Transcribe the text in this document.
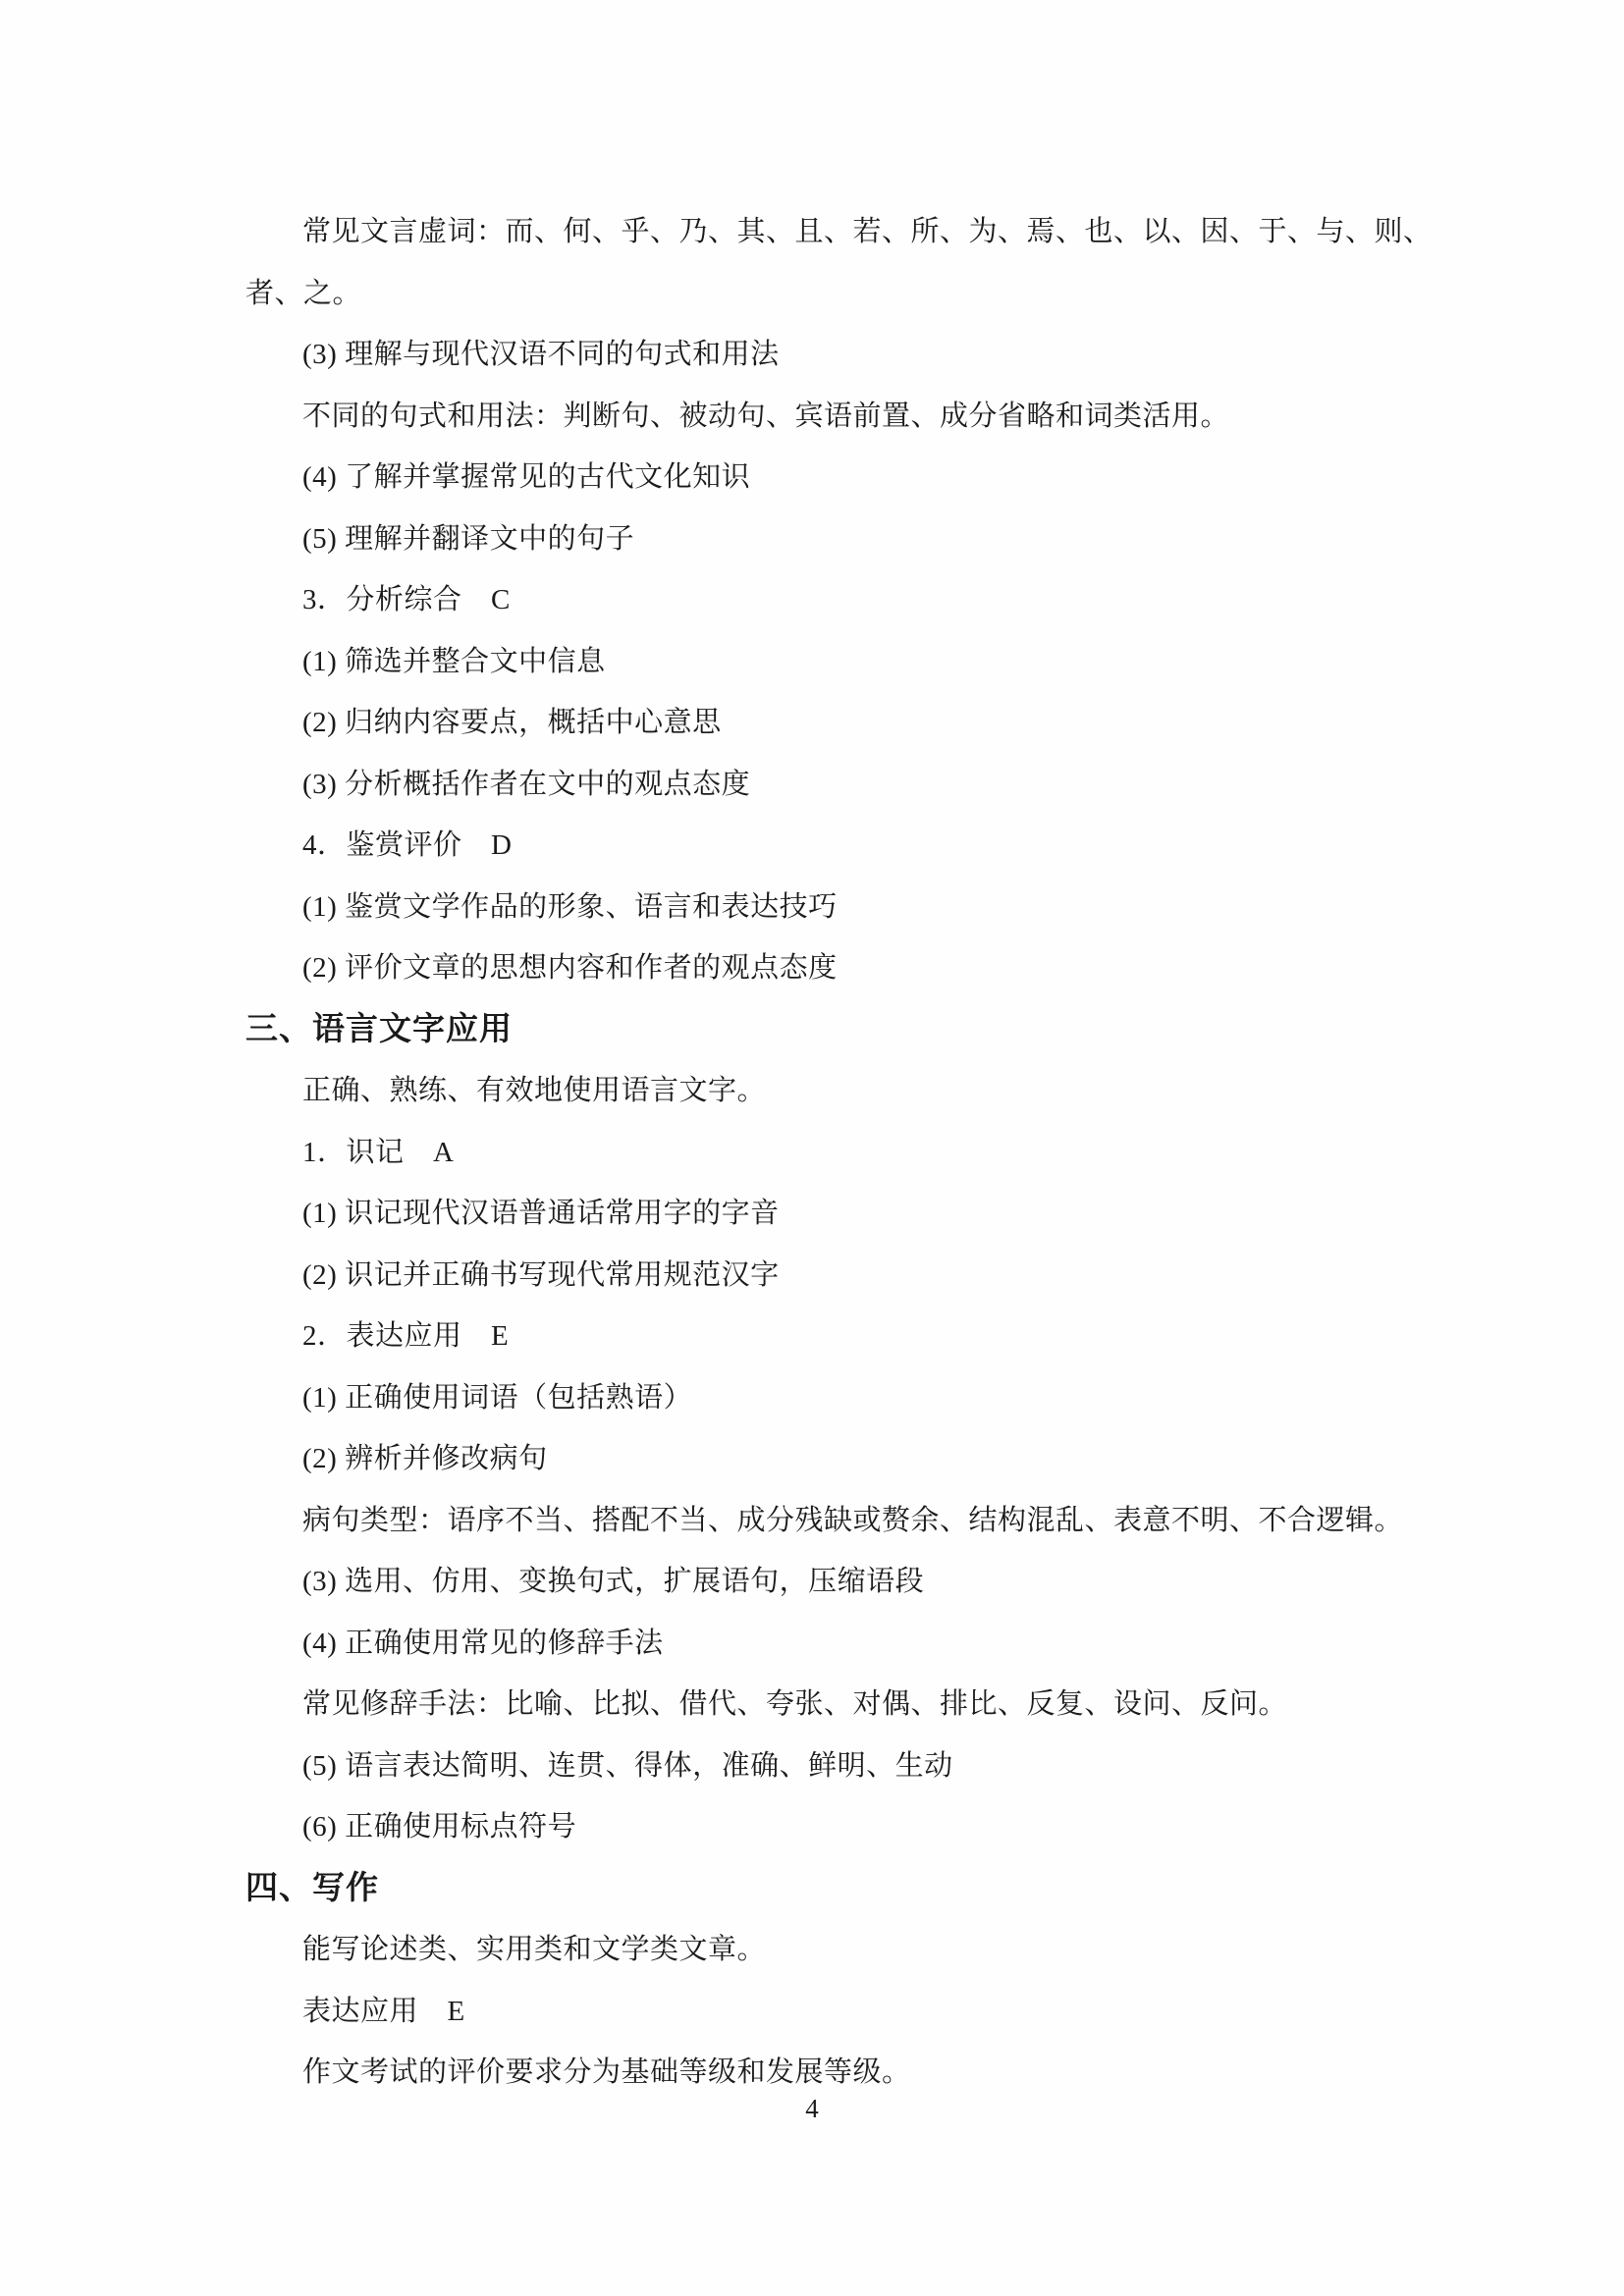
常见文言虚词：而、何、乎、乃、其、且、若、所、为、焉、也、以、因、于、与、则、
者、之。
(3) 理解与现代汉语不同的句式和用法
不同的句式和用法：判断句、被动句、宾语前置、成分省略和词类活用。
(4) 了解并掌握常见的古代文化知识
(5) 理解并翻译文中的句子
3．分析综合　C
(1) 筛选并整合文中信息
(2) 归纳内容要点，概括中心意思
(3) 分析概括作者在文中的观点态度
4．鉴赏评价　D
(1) 鉴赏文学作品的形象、语言和表达技巧
(2) 评价文章的思想内容和作者的观点态度
三、语言文字应用
正确、熟练、有效地使用语言文字。
1．识记　A
(1) 识记现代汉语普通话常用字的字音
(2) 识记并正确书写现代常用规范汉字
2．表达应用　E
(1) 正确使用词语（包括熟语）
(2) 辨析并修改病句
病句类型：语序不当、搭配不当、成分残缺或赘余、结构混乱、表意不明、不合逻辑。
(3) 选用、仿用、变换句式，扩展语句，压缩语段
(4) 正确使用常见的修辞手法
常见修辞手法：比喻、比拟、借代、夸张、对偶、排比、反复、设问、反问。
(5) 语言表达简明、连贯、得体，准确、鲜明、生动
(6) 正确使用标点符号
四、写作
能写论述类、实用类和文学类文章。
表达应用　E
作文考试的评价要求分为基础等级和发展等级。
4
